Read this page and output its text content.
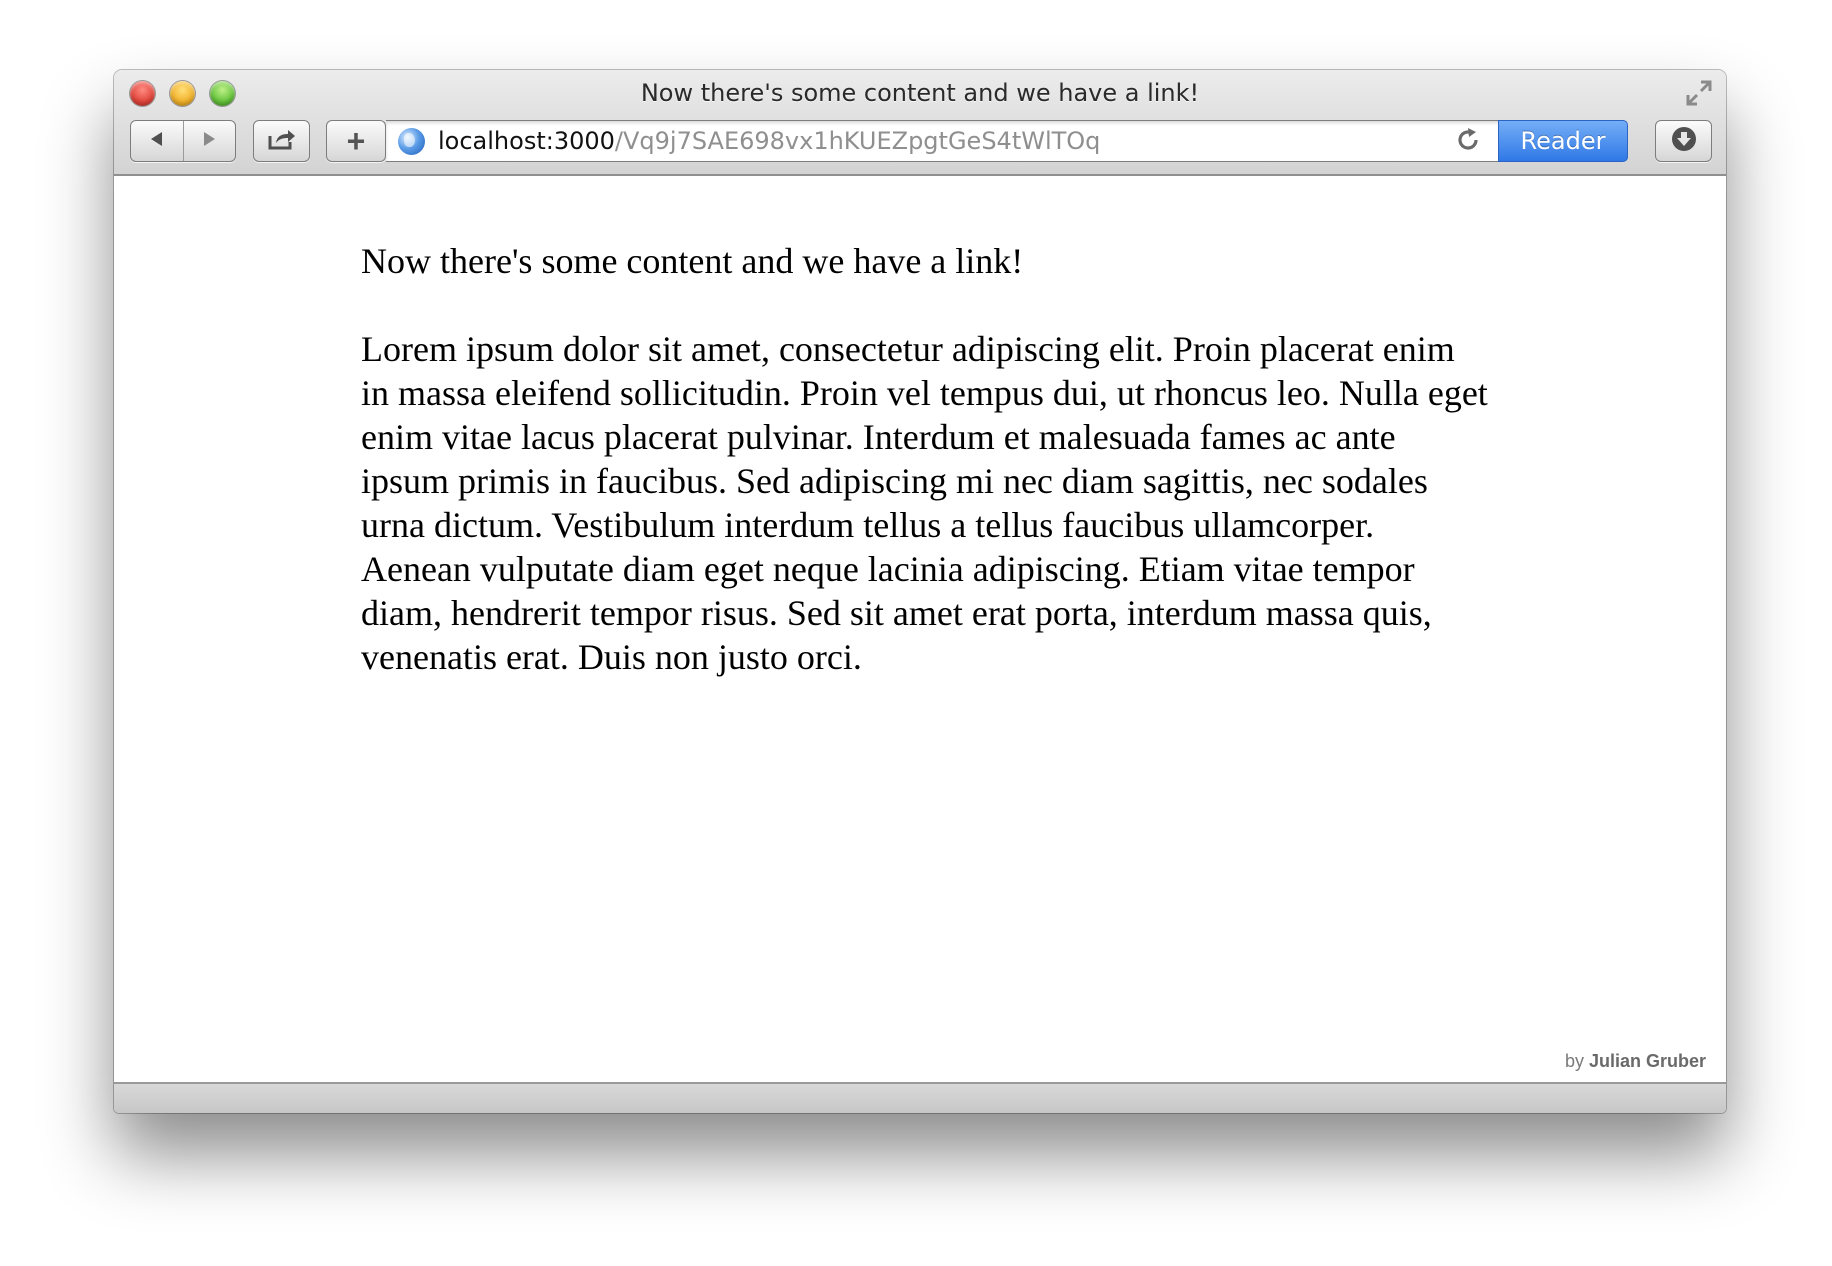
Now there's some content and we have a link!
+	localhost:3000/Vq9j7SAE698vx1hKUEZpgtGeS4tWlTOq	Reader

Now there's some content and we have a link!

Lorem ipsum dolor sit amet, consectetur adipiscing elit. Proin placerat enim in massa eleifend sollicitudin. Proin vel tempus dui, ut rhoncus leo. Nulla eget enim vitae lacus placerat pulvinar. Interdum et malesuada fames ac ante ipsum primis in faucibus. Sed adipiscing mi nec diam sagittis, nec sodales urna dictum. Vestibulum interdum tellus a tellus faucibus ullamcorper. Aenean vulputate diam eget neque lacinia adipiscing. Etiam vitae tempor diam, hendrerit tempor risus. Sed sit amet erat porta, interdum massa quis, venenatis erat. Duis non justo orci.

by Julian Gruber
